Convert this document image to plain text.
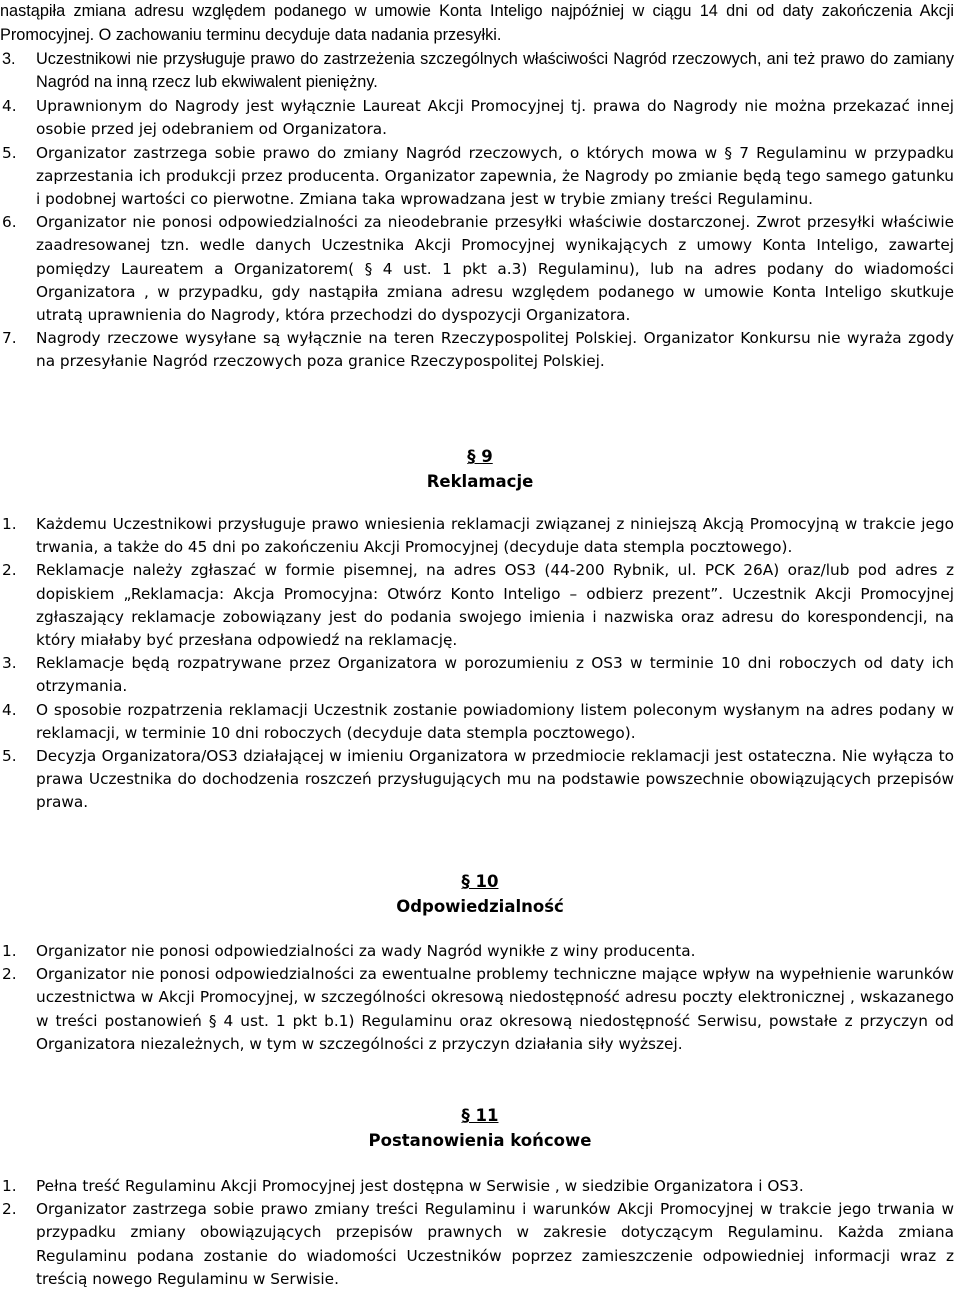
nastąpiła zmiana adresu względem podanego w umowie Konta Inteligo najpóźniej w ciągu 14 dni od daty zakończenia Akcji Promocyjnej. O zachowaniu terminu decyduje data nadania przesyłki.
3.	Uczestnikowi nie przysługuje prawo do zastrzeżenia szczególnych właściwości Nagród rzeczowych, ani też prawo do zamiany Nagród na inną rzecz lub ekwiwalent pieniężny.
4.	Uprawnionym do Nagrody jest wyłącznie Laureat Akcji Promocyjnej tj. prawa do Nagrody nie można przekazać innej osobie przed jej odebraniem od Organizatora.
5.	Organizator zastrzega sobie prawo do zmiany Nagród rzeczowych, o których mowa w § 7 Regulaminu w przypadku zaprzestania ich produkcji przez producenta. Organizator zapewnia, że Nagrody po zmianie będą tego samego gatunku i podobnej wartości co pierwotne. Zmiana taka wprowadzana jest w trybie zmiany treści Regulaminu.
6.	Organizator nie ponosi odpowiedzialności za nieodebranie przesyłki właściwie dostarczonej. Zwrot przesyłki właściwie zaadresowanej tzn. wedle danych Uczestnika Akcji Promocyjnej wynikających z umowy Konta Inteligo, zawartej pomiędzy Laureatem a Organizatorem( § 4 ust. 1 pkt a.3) Regulaminu), lub na adres podany do wiadomości Organizatora , w przypadku, gdy nastąpiła zmiana adresu względem podanego w umowie Konta Inteligo skutkuje utratą uprawnienia do Nagrody, która przechodzi do dyspozycji Organizatora.
7.	Nagrody rzeczowe wysyłane są wyłącznie na teren Rzeczypospolitej Polskiej. Organizator Konkursu nie wyraża zgody na przesyłanie Nagród rzeczowych poza granice Rzeczypospolitej Polskiej.
§ 9
Reklamacje
1.	Każdemu Uczestnikowi przysługuje prawo wniesienia reklamacji związanej z niniejszą Akcją Promocyjną w trakcie jego trwania, a także do 45 dni po zakończeniu Akcji Promocyjnej (decyduje data stempla pocztowego).
2.	Reklamacje należy zgłaszać w formie pisemnej, na adres OS3 (44-200 Rybnik, ul. PCK 26A) oraz/lub pod adres z dopiskiem „Reklamacja: Akcja Promocyjna: Otwórz Konto Inteligo – odbierz prezent”. Uczestnik Akcji Promocyjnej zgłaszający reklamacje zobowiązany jest do podania swojego imienia i nazwiska oraz adresu do korespondencji, na który miałaby być przesłana odpowiedź na reklamację.
3.	Reklamacje będą rozpatrywane przez Organizatora w porozumieniu z OS3 w terminie 10 dni roboczych od daty ich otrzymania.
4.	O sposobie rozpatrzenia reklamacji Uczestnik zostanie powiadomiony listem poleconym wysłanym na adres podany w reklamacji, w terminie 10 dni roboczych (decyduje data stempla pocztowego).
5.	Decyzja Organizatora/OS3 działającej w imieniu Organizatora w przedmiocie reklamacji jest ostateczna. Nie wyłącza to prawa Uczestnika do dochodzenia roszczeń przysługujących mu na podstawie powszechnie obowiązujących przepisów prawa.
§ 10
Odpowiedzialność
1.	Organizator nie ponosi odpowiedzialności za wady Nagród wynikłe z winy producenta.
2.	Organizator nie ponosi odpowiedzialności za ewentualne problemy techniczne mające wpływ na wypełnienie warunków uczestnictwa w Akcji Promocyjnej, w szczególności okresową niedostępność adresu poczty elektronicznej , wskazanego w treści postanowień § 4 ust. 1 pkt b.1) Regulaminu oraz okresową niedostępność Serwisu, powstałe z przyczyn od Organizatora niezależnych, w tym w szczególności z przyczyn działania siły wyższej.
§ 11
Postanowienia końcowe
1.	Pełna treść Regulaminu Akcji Promocyjnej jest dostępna w Serwisie , w siedzibie Organizatora i OS3.
2.	Organizator zastrzega sobie prawo zmiany treści Regulaminu i warunków Akcji Promocyjnej w trakcie jego trwania w przypadku zmiany obowiązujących przepisów prawnych w zakresie dotyczącym Regulaminu. Każda zmiana Regulaminu podana zostanie do wiadomości Uczestników poprzez zamieszczenie odpowiedniej informacji wraz z treścią nowego Regulaminu w Serwisie.
